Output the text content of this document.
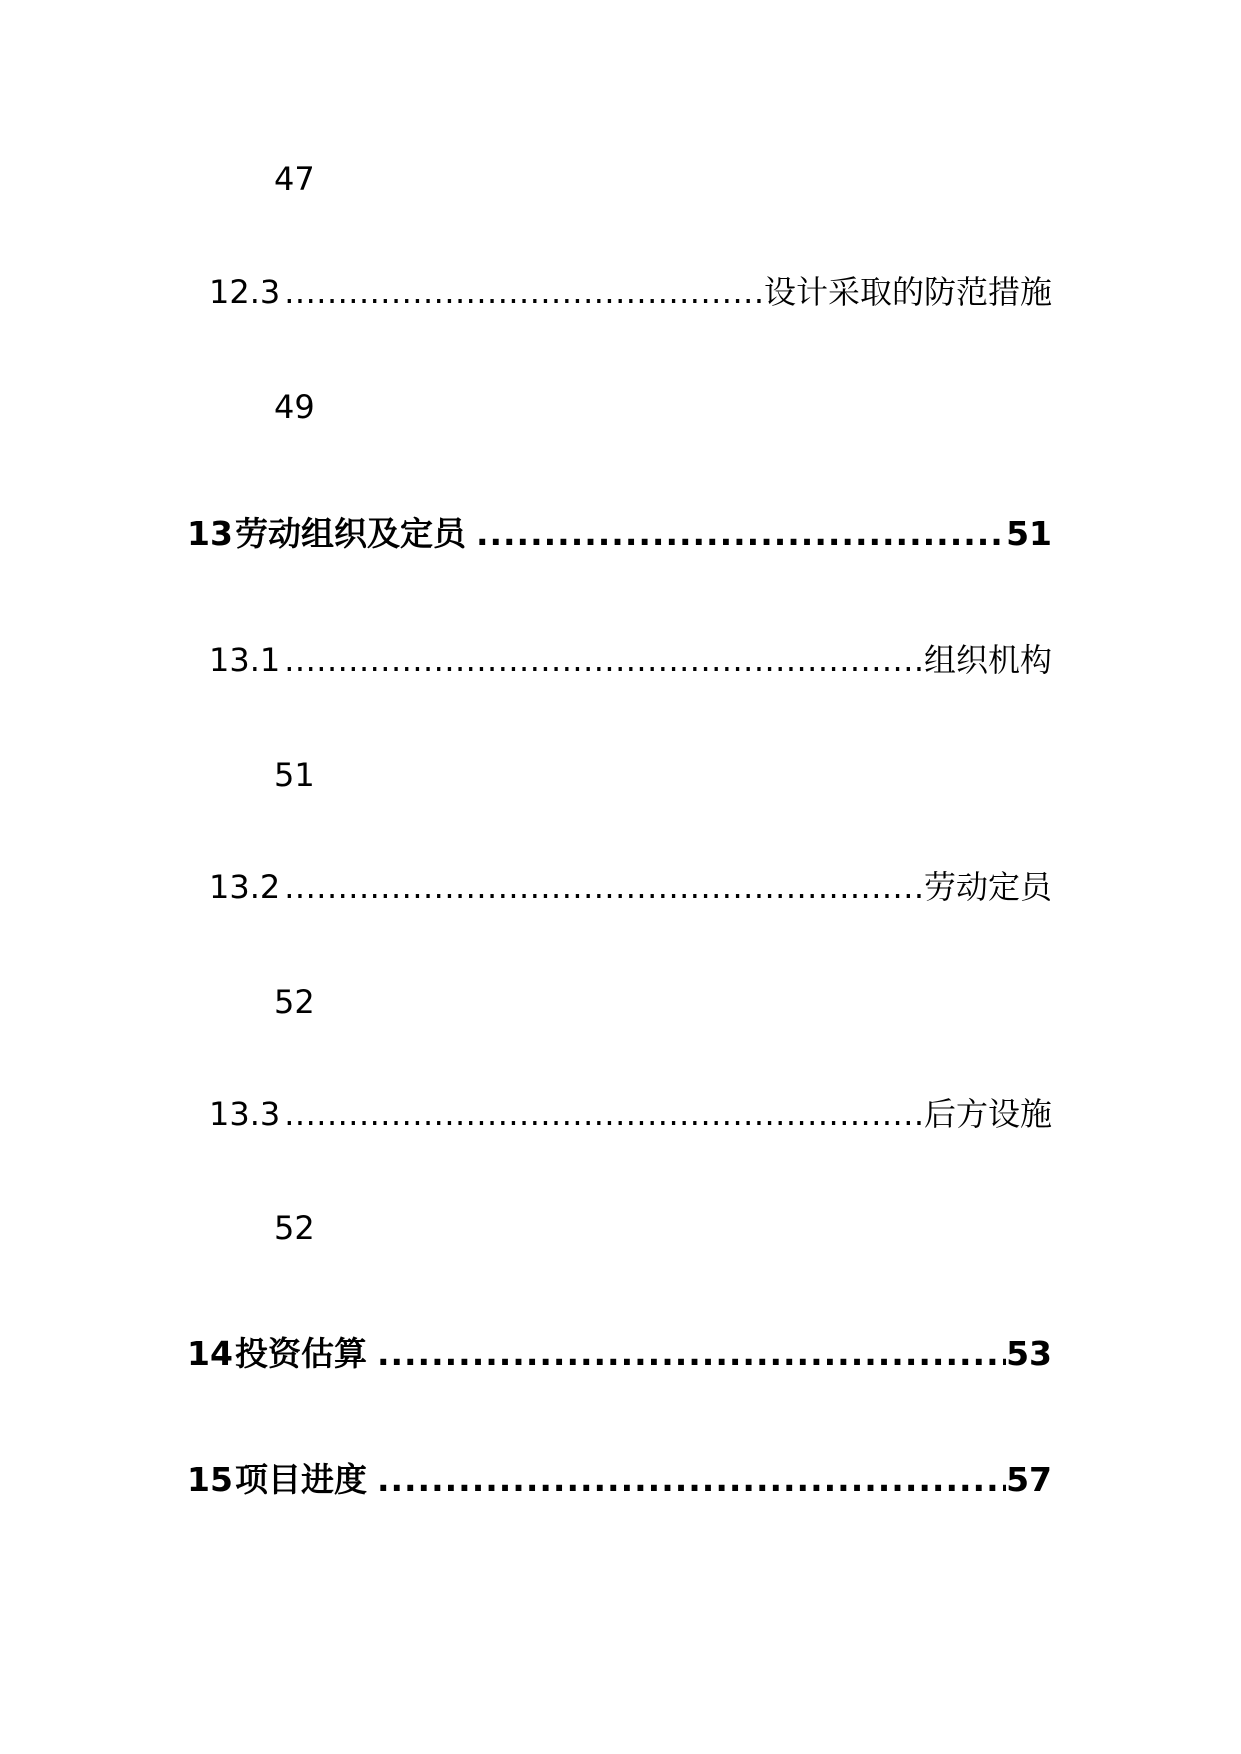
47
12.3 .....	设计采取的防范措施
49
13 劳动组织及定员 .....	51
13.1 .....	组织机构
51
13.2 .....	劳动定员
52
13.3 .....	后方设施
52
14 投资估算 .....	53
15 项目进度 .....	57
